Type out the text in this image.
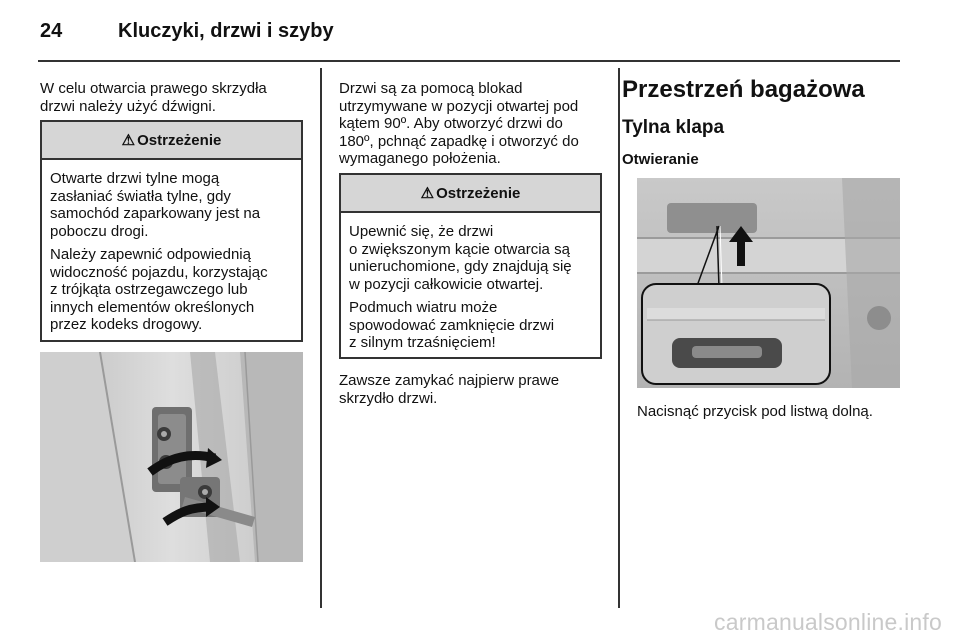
24	Kluczyki, drzwi i szyby

W celu otwarcia prawego skrzydła

drzwi należy użyć dźwigni.

⚠ Ostrzeżenie

Otwarte drzwi tylne mogą
zasłaniać światła tylne, gdy
samochód zaparkowany jest na
poboczu drogi.

Należy zapewnić odpowiednią
widoczność pojazdu, korzystając
z trójkąta ostrzegawczego lub
innych elementów określonych
przez kodeks drogowy.

Drzwi są za pomocą blokad

utrzymywane w pozycji otwartej pod

kątem 90º. Aby otworzyć drzwi do

180º, pchnąć zapadkę i otworzyć do

wymaganego położenia.

⚠ Ostrzeżenie

Upewnić się, że drzwi
o zwiększonym kącie otwarcia są
unieruchomione, gdy znajdują się
w pozycji całkowicie otwartej.

Podmuch wiatru może
spowodować zamknięcie drzwi
z silnym trzaśnięciem!

Zawsze zamykać najpierw prawe

skrzydło drzwi.

Przestrzeń bagażowa
Tylna klapa
Otwieranie
Nacisnąć przycisk pod listwą dolną.
carmanualsonline.info
